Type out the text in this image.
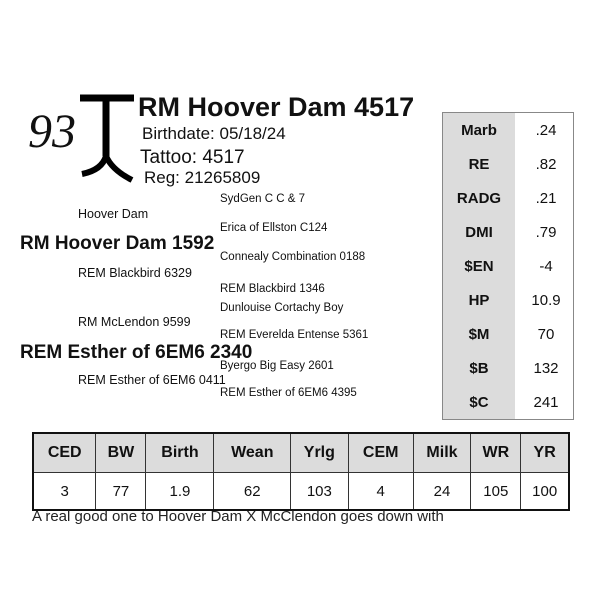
93 RM Hoover Dam 4517
Birthdate: 05/18/24
Tattoo: 4517
Reg: 21265809
SydGen C C & 7
Hoover Dam
Erica of Ellston C124
RM Hoover Dam 1592
Connealy Combination 0188
REM Blackbird 6329
REM Blackbird 1346
Dunlouise Cortachy Boy
RM McLendon 9599
REM Everelda Entense 5361
REM Esther of 6EM6 2340
Byergo Big Easy 2601
REM Esther of 6EM6 0411
REM Esther of 6EM6 4395
Marb	.24
RE	.82
RADG	.21
DMI	.79
$EN	-4
HP	10.9
$M	70
$B	132
$C	241
CED	BW	Birth	Wean	Yrlg	CEM	Milk	WR	YR
3	77	1.9	62	103	4	24	105	100
A real good one to Hoover Dam X McClendon goes down with
